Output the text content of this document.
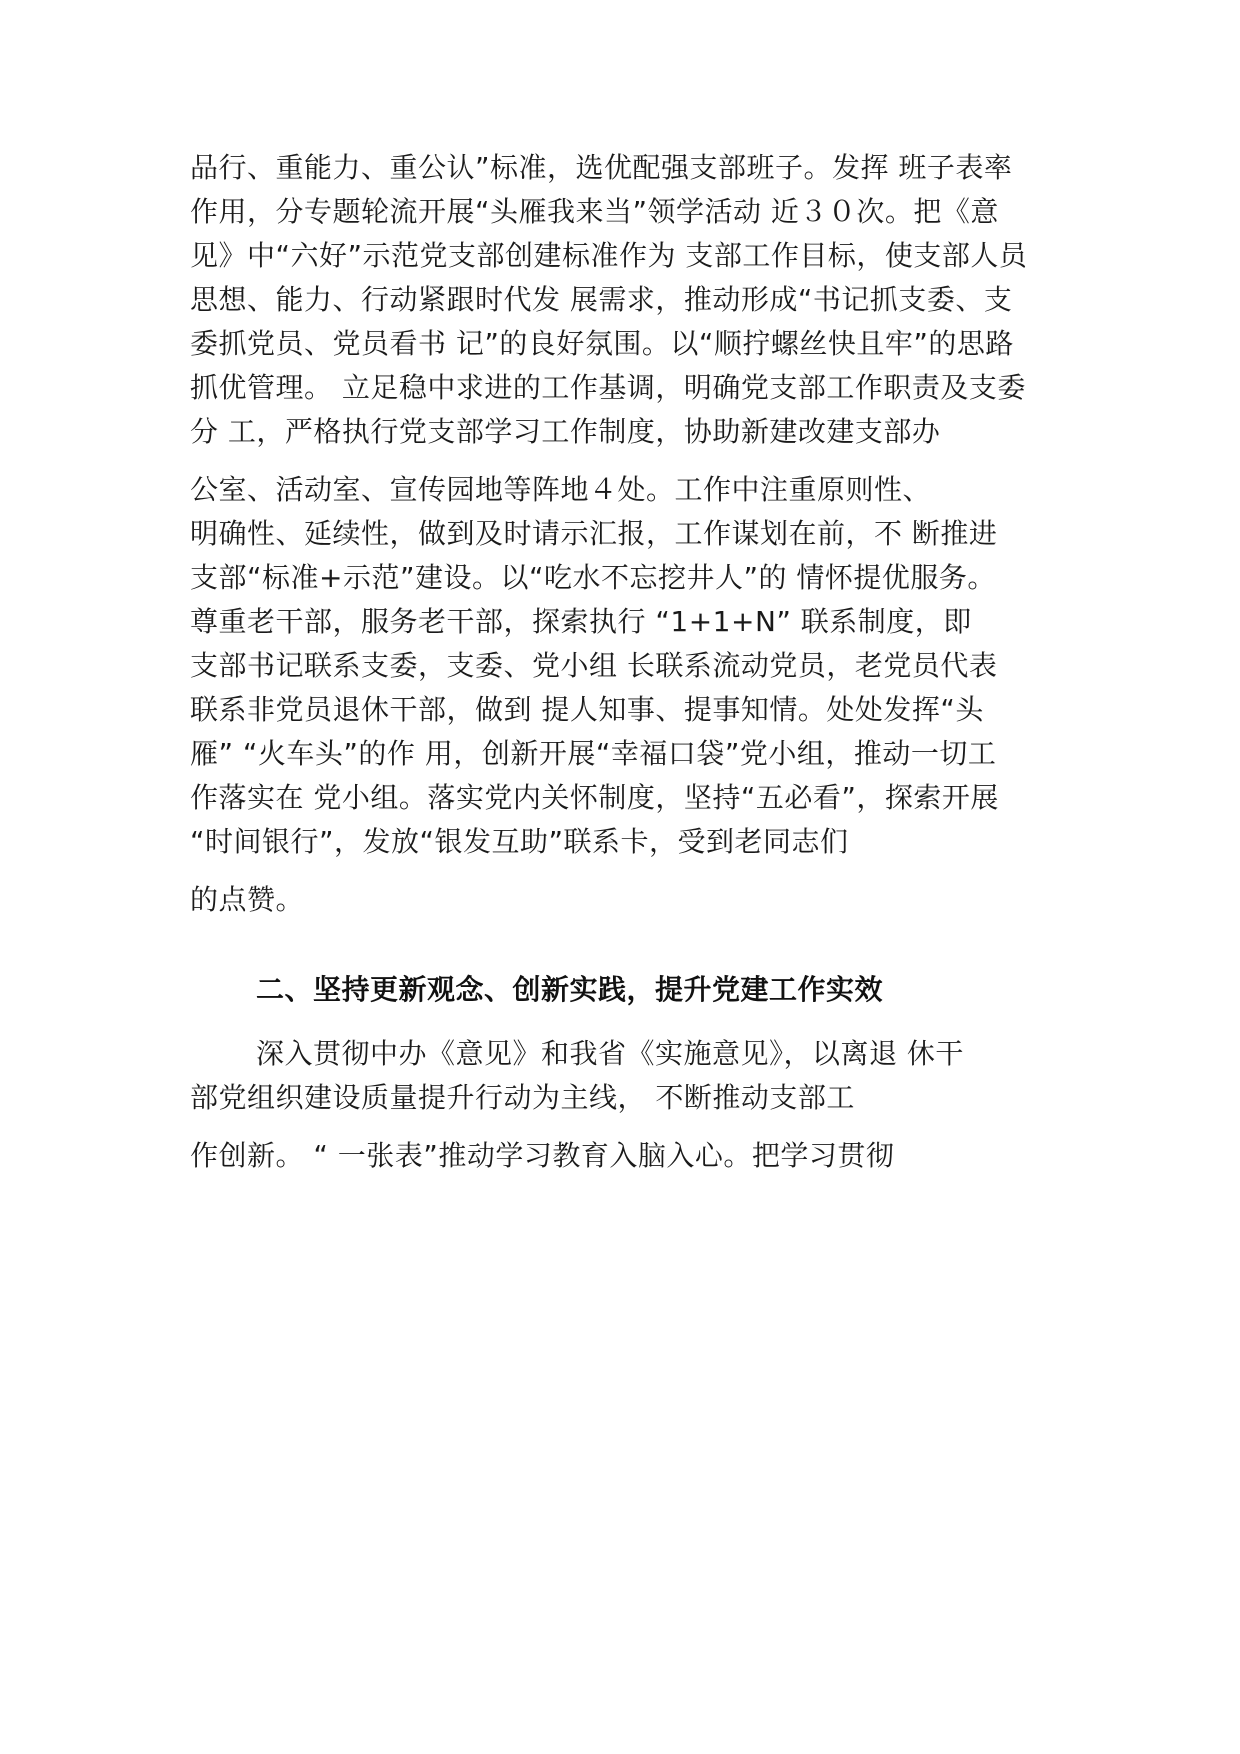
品行、重能力、重公认”标准，选优配强支部班子。发挥 班子表率
作用，分专题轮流开展“头雁我来当”领学活动 近３０次。把《意
见》中“六好”示范党支部创建标准作为 支部工作目标，使支部人员
思想、能力、行动紧跟时代发 展需求，推动形成“书记抓支委、支
委抓党员、党员看书 记”的良好氛围。以“顺拧螺丝快且牢”的思路
抓优管理。 立足稳中求进的工作基调，明确党支部工作职责及支委
分 工，严格执行党支部学习工作制度，协助新建改建支部办
公室、活动室、宣传园地等阵地４处。工作中注重原则性、
明确性、延续性，做到及时请示汇报，工作谋划在前，不 断推进
支部“标准+示范”建设。以“吃水不忘挖井人”的 情怀提优服务。
尊重老干部，服务老干部，探索执行 “1+1+N” 联系制度，即
支部书记联系支委，支委、党小组 长联系流动党员，老党员代表
联系非党员退休干部，做到 提人知事、提事知情。处处发挥“头
雁” “火车头”的作 用，创新开展“幸福口袋”党小组，推动一切工
作落实在 党小组。落实党内关怀制度，坚持“五必看”，探索开展
“时间银行”，发放“银发互助”联系卡，受到老同志们
的点赞。
二、坚持更新观念、创新实践，提升党建工作实效
深入贯彻中办《意见》和我省《实施意见》，以离退 休干
部党组织建设质量提升行动为主线， 不断推动支部工
作创新。 “ 一张表”推动学习教育入脑入心。把学习贯彻
